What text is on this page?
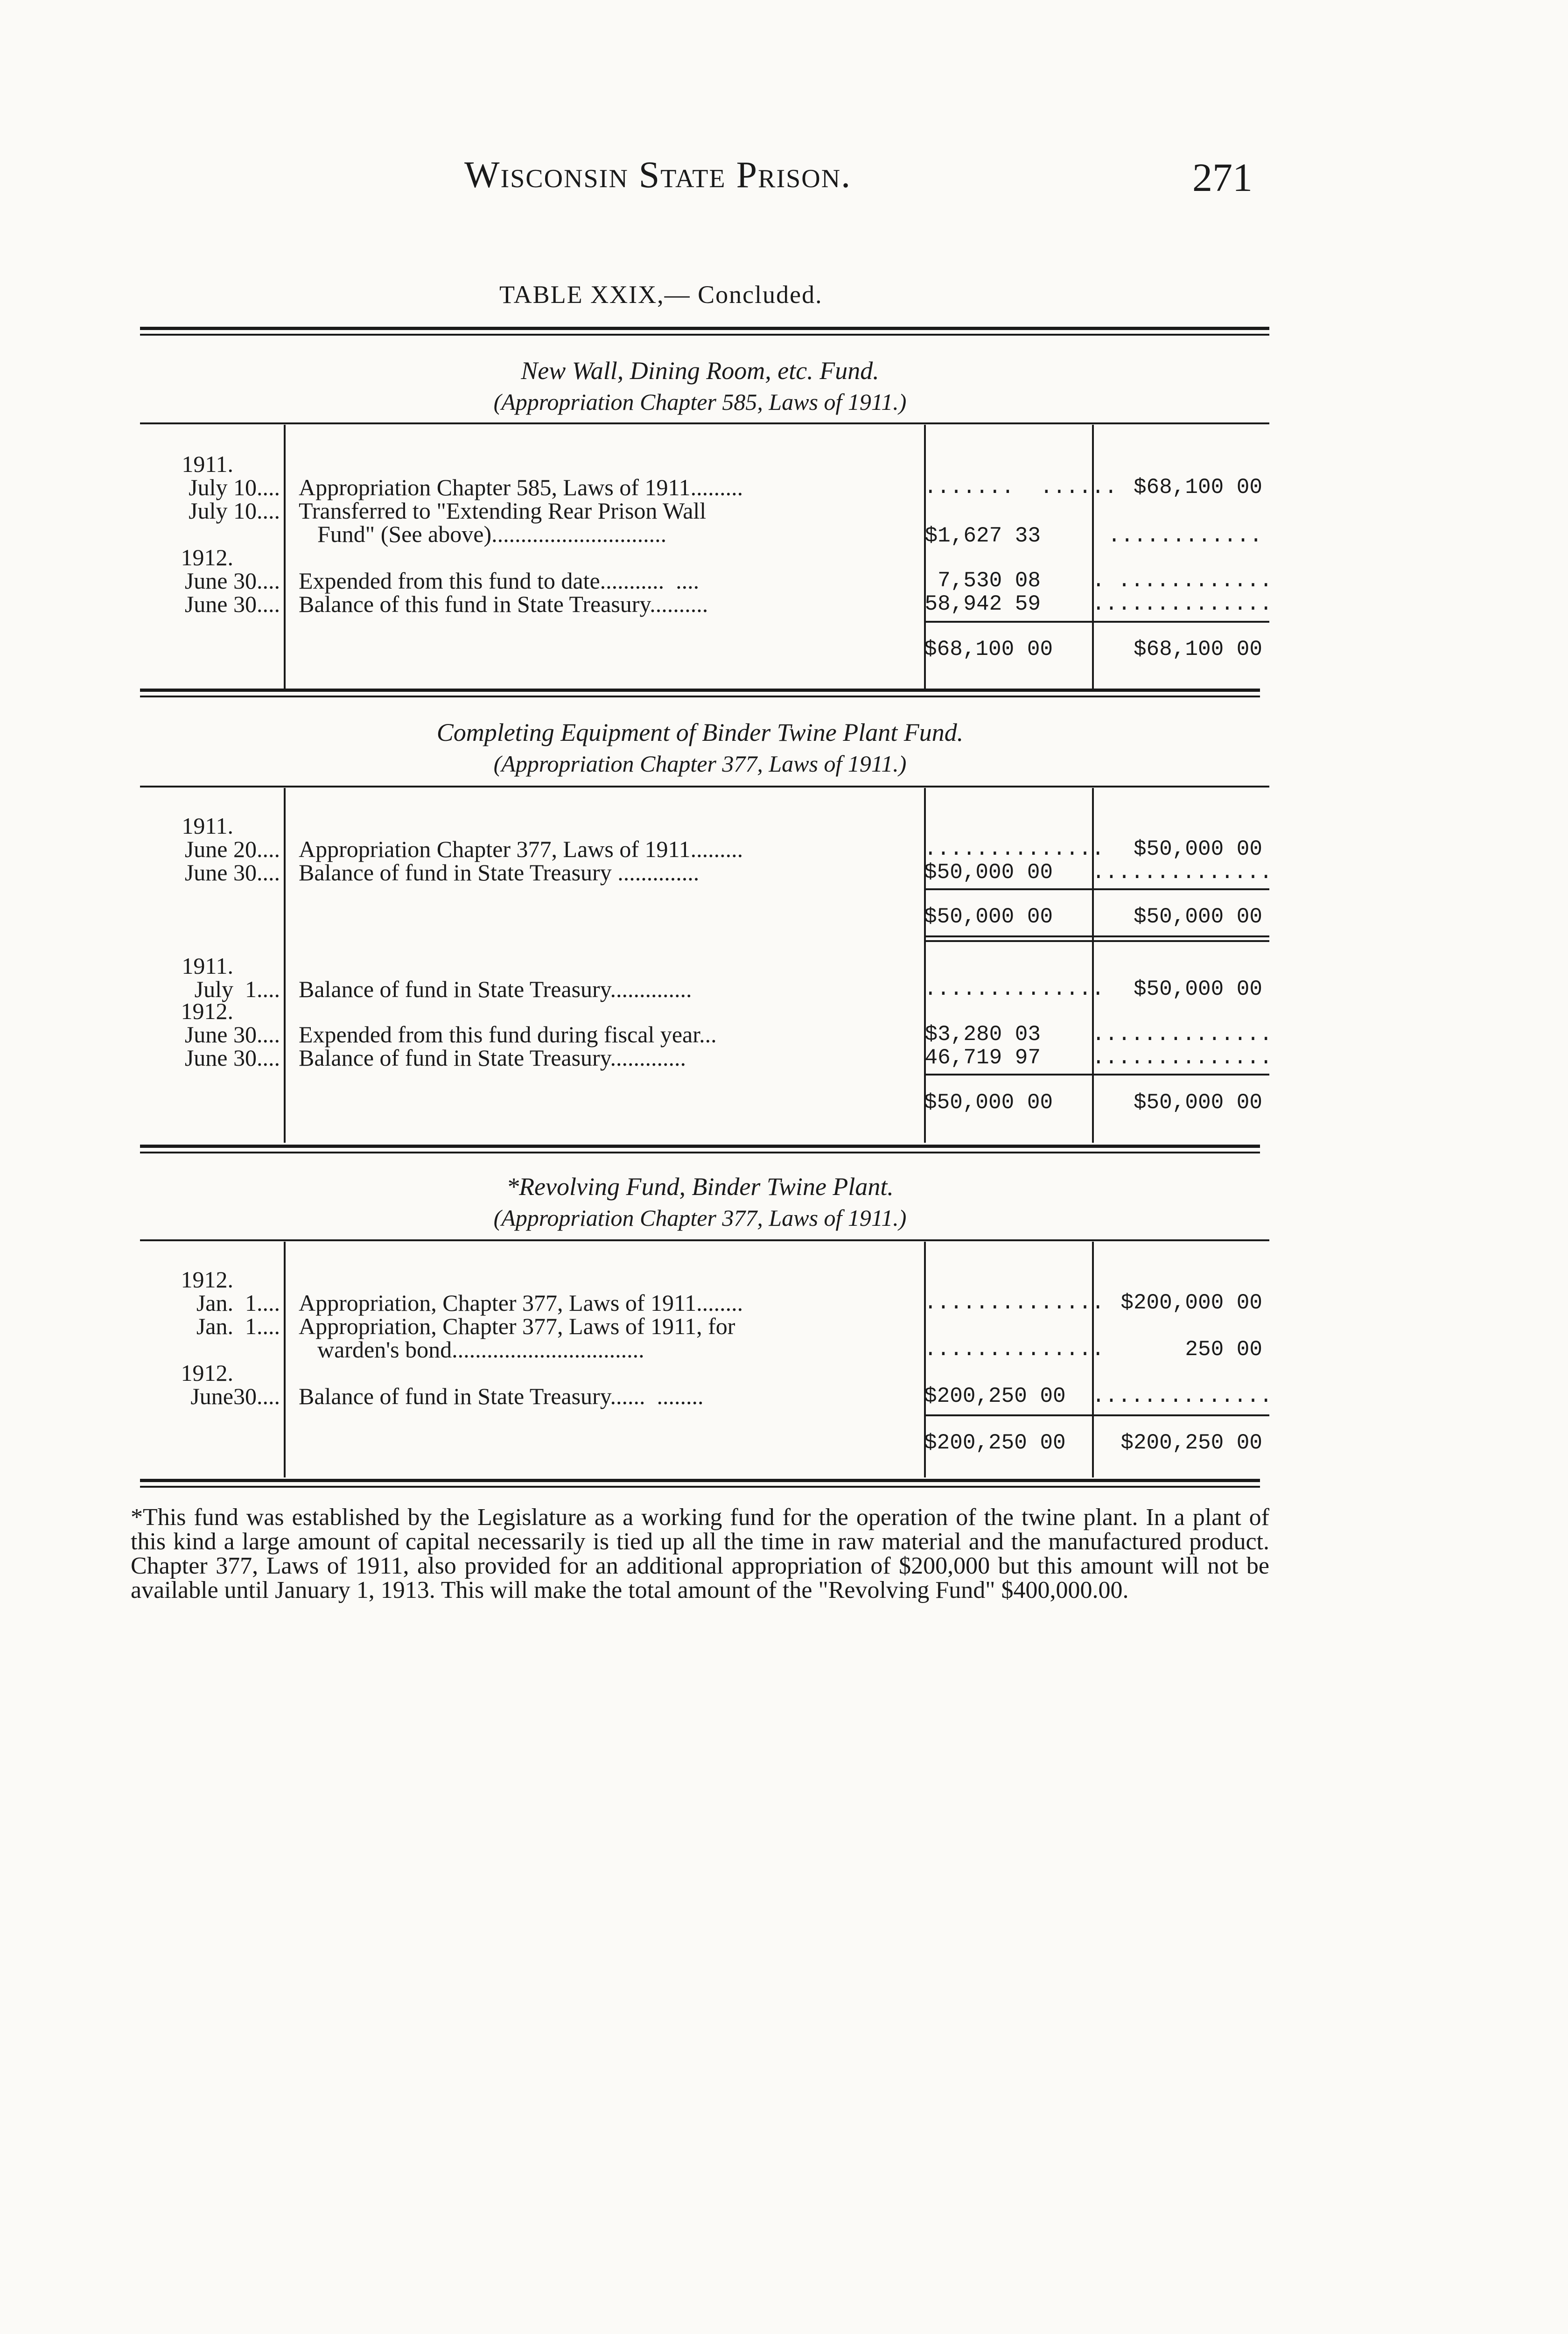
Wisconsin State Prison.	271
TABLE XXIX,— Concluded.
New Wall, Dining Room, etc. Fund.
(Appropriation Chapter 585, Laws of 1911.)
1911.
July 10.... Appropriation Chapter 585, Laws of 1911.........	.......  ...... $68,100 00
July 10.... Transferred to "Extending Rear Prison Wall
Fund" (See above)..............................	$1,627 33	............
1912.
June 30.... Expended from this fund to date...........  ....	7,530 08 . ............
June 30.... Balance of this fund in State Treasury..........	58,942 59 ..............
$68,100 00	$68,100 00
Completing Equipment of Binder Twine Plant Fund.
(Appropriation Chapter 377, Laws of 1911.)
1911.
June 20.... Appropriation Chapter 377, Laws of 1911.........	..............	$50,000 00
June 30.... Balance of fund in State Treasury ..............	$50,000 00 ..............
$50,000 00	$50,000 00
1911.
July  1.... Balance of fund in State Treasury..............	..............	$50,000 00
1912.
June 30.... Expended from this fund during fiscal year...	$3,280 03 ..............
June 30.... Balance of fund in State Treasury.............	46,719 97 ..............
$50,000 00	$50,000 00
*Revolving Fund, Binder Twine Plant.
(Appropriation Chapter 377, Laws of 1911.)
1912.
Jan.  1.... Appropriation, Chapter 377, Laws of 1911........	.............. $200,000 00
Jan.  1.... Appropriation, Chapter 377, Laws of 1911, for
warden's bond.................................	..............	250 00
1912.
June30.... Balance of fund in State Treasury......  ........	$200,250 00 ..............
$200,250 00	$200,250 00
*This fund was established by the Legislature as a working fund for the operation of the twine plant. In a plant of this kind a large amount of capital necessarily is tied up all the time in raw material and the manufactured product. Chapter 377, Laws of 1911, also provided for an additional appropriation of $200,000 but this amount will not be available until January 1, 1913. This will make the total amount of the "Revolving Fund" $400,000.00.
